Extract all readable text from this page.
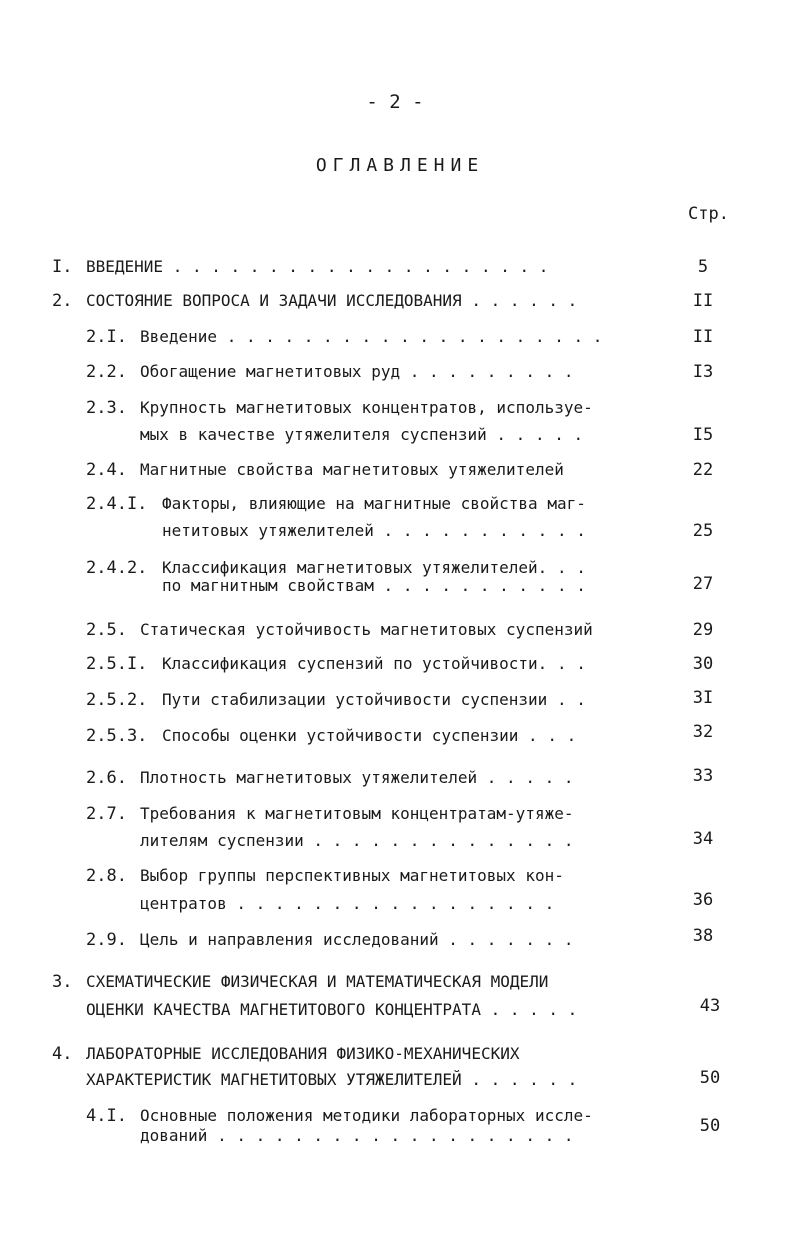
- 2 -
ОГЛАВЛЕНИЕ
Стр.
I. ВВЕДЕНИЕ . . . . . . . . . . . . . . . . . . . .	5
2. СОСТОЯНИЕ ВОПРОСА И ЗАДАЧИ ИССЛЕДОВАНИЯ . . . . . .	II
2.I. Введение . . . . . . . . . . . . . . . . . . . .	II
2.2. Обогащение магнетитовых руд . . . . . . . . .	I3
2.3. Крупность магнетитовых концентратов, используе-
мых в качестве утяжелителя суспензий . . . . .	I5
2.4. Магнитные свойства магнетитовых утяжелителей	22
2.4.I. Факторы, влияющие на магнитные свойства маг-
нетитовых утяжелителей . . . . . . . . . . .	25
2.4.2. Классификация магнетитовых утяжелителей. . .
по магнитным свойствам . . . . . . . . . . .	27
2.5. Статическая устойчивость магнетитовых суспензий	29
2.5.I. Классификация суспензий по устойчивости. . .	30
2.5.2. Пути стабилизации устойчивости суспензии . .	3I
2.5.3. Способы оценки устойчивости суспензии . . .	32
2.6. Плотность магнетитовых утяжелителей . . . . .	33
2.7. Требования к магнетитовым концентратам-утяже-
лителям суспензии . . . . . . . . . . . . . .	34
2.8. Выбор группы перспективных магнетитовых кон-
центратов . . . . . . . . . . . . . . . . .	36
2.9. Цель и направления исследований . . . . . . .	38
3. СХЕМАТИЧЕСКИЕ ФИЗИЧЕСКАЯ И МАТЕМАТИЧЕСКАЯ МОДЕЛИ
ОЦЕНКИ КАЧЕСТВА МАГНЕТИТОВОГО КОНЦЕНТРАТА . . . . .	43
4. ЛАБОРАТОРНЫЕ ИССЛЕДОВАНИЯ ФИЗИКО-МЕХАНИЧЕСКИХ
ХАРАКТЕРИСТИК МАГНЕТИТОВЫХ УТЯЖЕЛИТЕЛЕЙ . . . . . .	50
4.I. Основные положения методики лабораторных иссле-
дований . . . . . . . . . . . . . . . . . . .	50
